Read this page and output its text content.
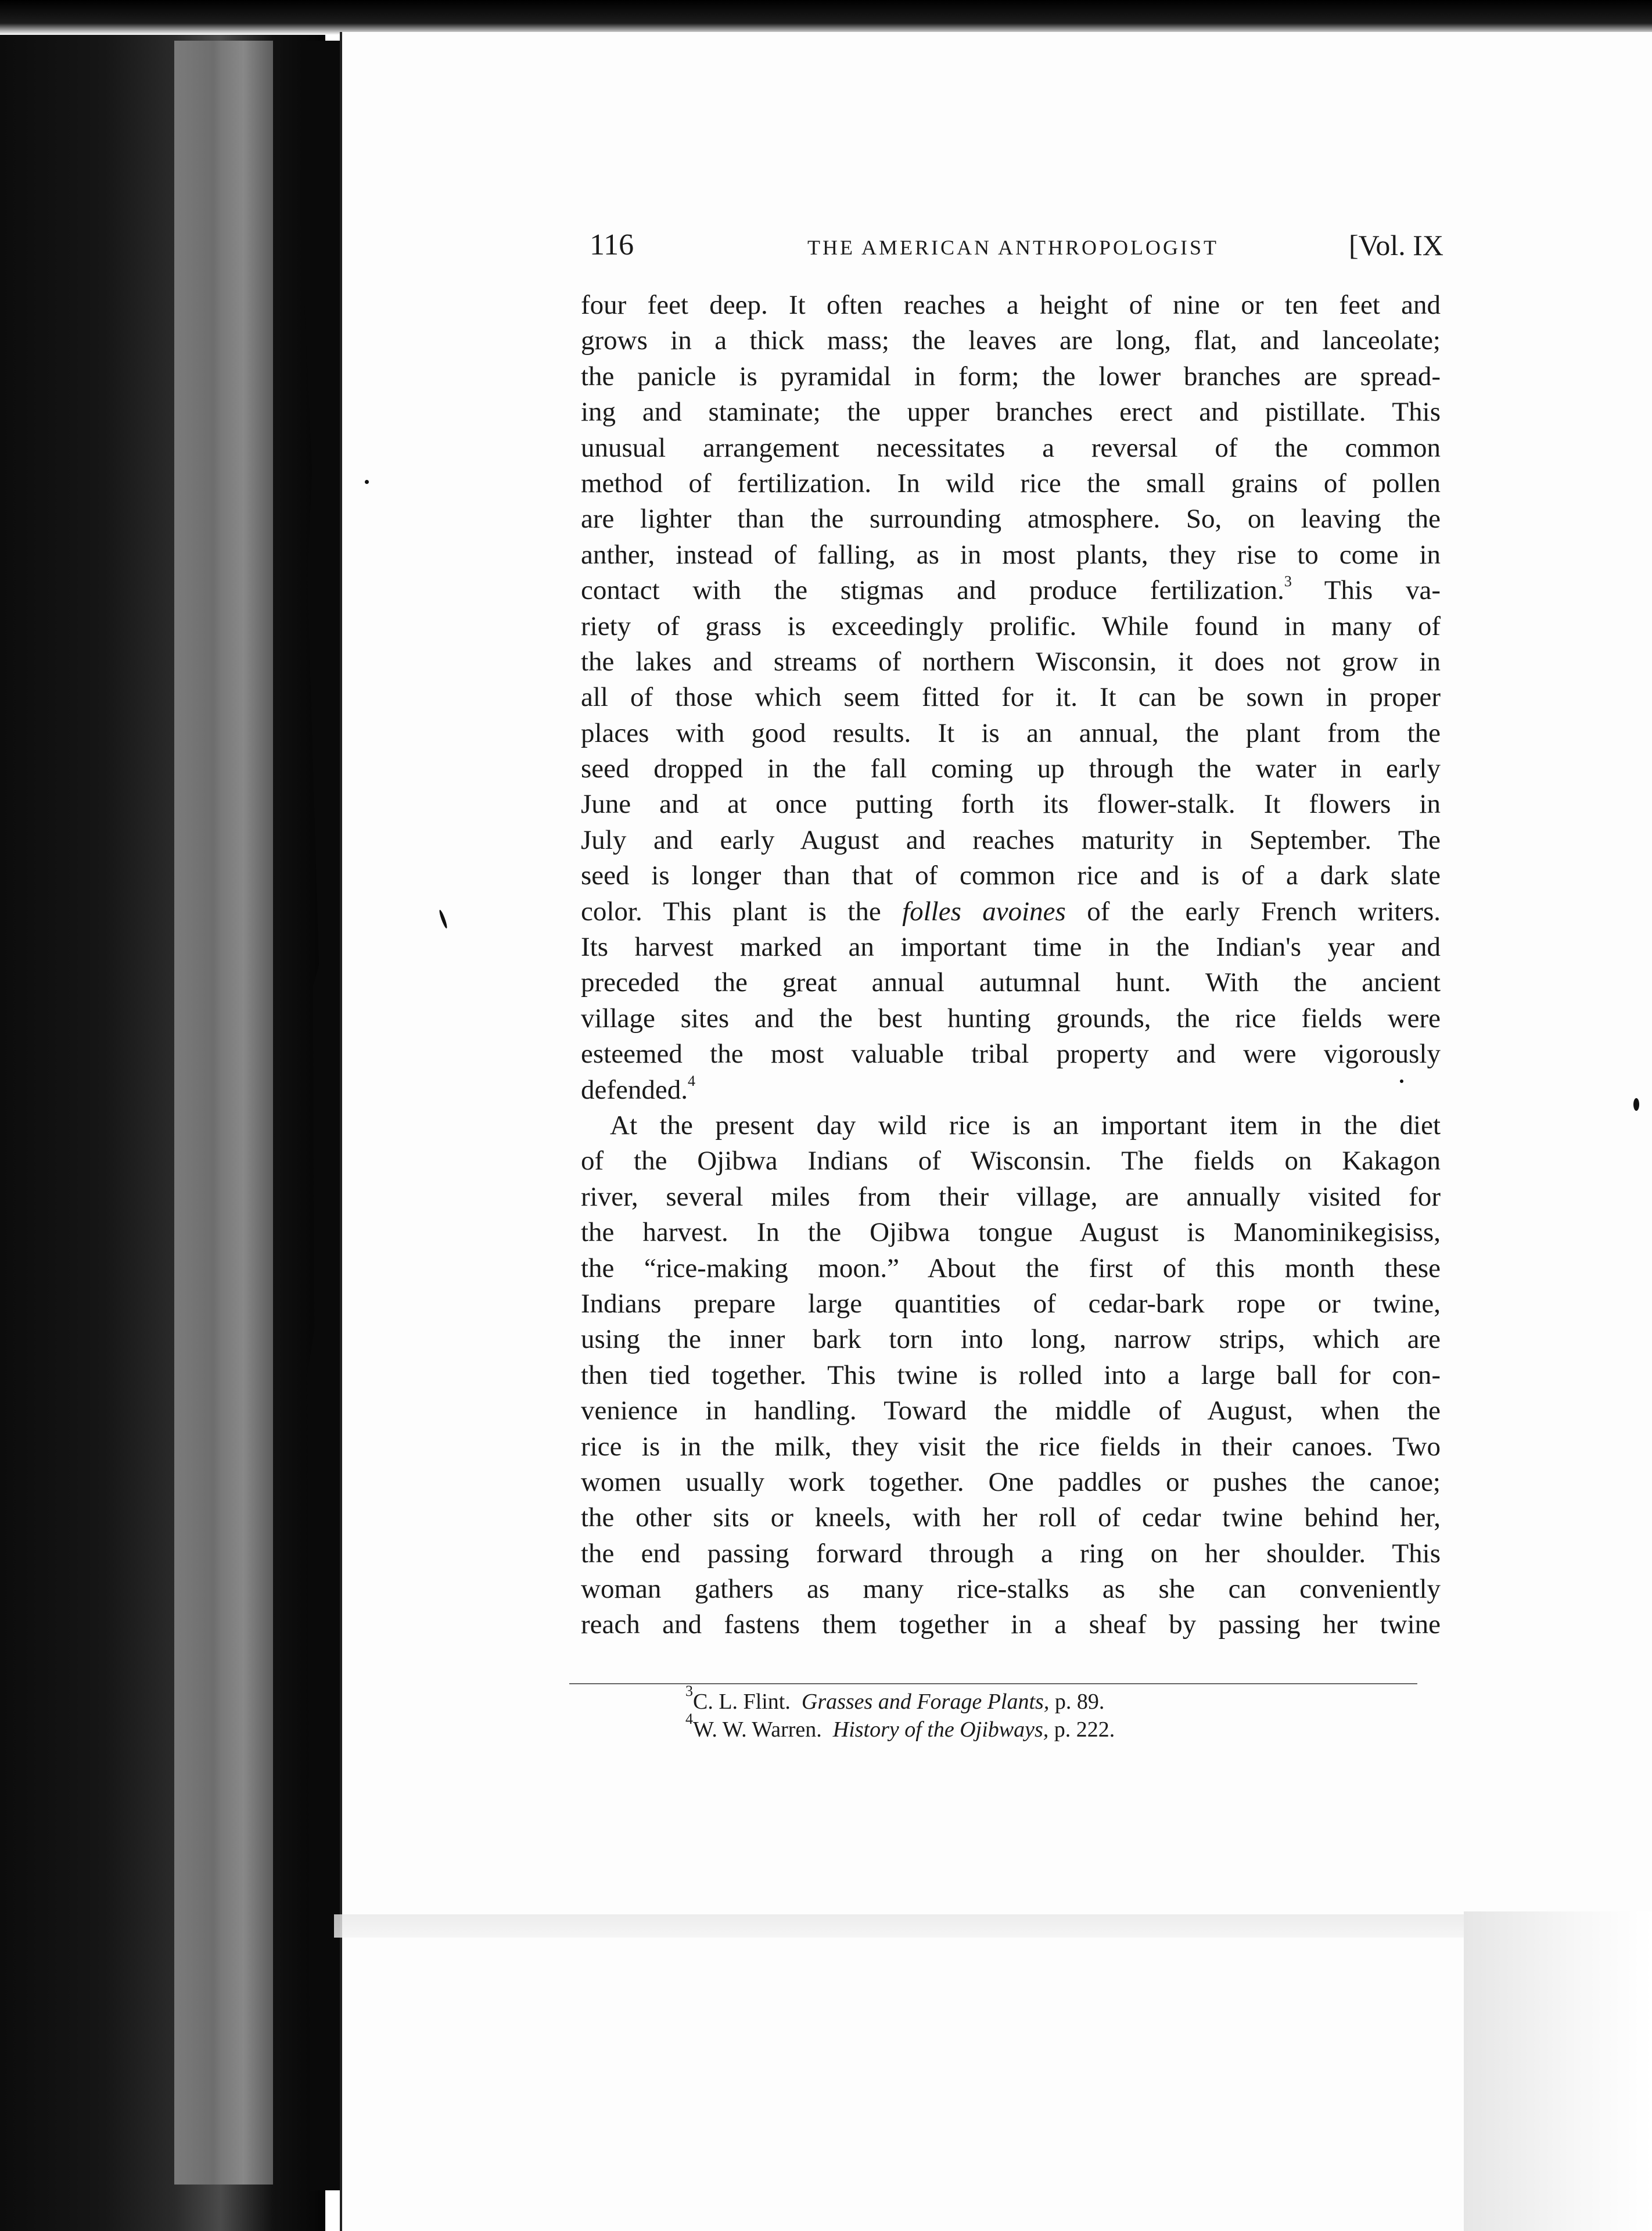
116	THE AMERICAN ANTHROPOLOGIST	[Vol. IX
four feet deep. It often reaches a height of nine or ten feet and
grows in a thick mass; the leaves are long, flat, and lanceolate;
the panicle is pyramidal in form; the lower branches are spread-
ing and staminate; the upper branches erect and pistillate. This
unusual arrangement necessitates a reversal of the common
method of fertilization. In wild rice the small grains of pollen
are lighter than the surrounding atmosphere. So, on leaving the
anther, instead of falling, as in most plants, they rise to come in
contact with the stigmas and produce fertilization.$^3$ This va-
riety of grass is exceedingly prolific. While found in many of
the lakes and streams of northern Wisconsin, it does not grow in
all of those which seem fitted for it. It can be sown in proper
places with good results. It is an annual, the plant from the
seed dropped in the fall coming up through the water in early
June and at once putting forth its flower-stalk. It flowers in
July and early August and reaches maturity in September. The
seed is longer than that of common rice and is of a dark slate
color. This plant is the folles avoines of the early French writers.
Its harvest marked an important time in the Indian's year and
preceded the great annual autumnal hunt. With the ancient
village sites and the best hunting grounds, the rice fields were
esteemed the most valuable tribal property and were vigorously
defended.$^4$
At the present day wild rice is an important item in the diet
of the Ojibwa Indians of Wisconsin. The fields on Kakagon
river, several miles from their village, are annually visited for
the harvest. In the Ojibwa tongue August is Manominikegisiss,
the “rice-making moon.” About the first of this month these
Indians prepare large quantities of cedar-bark rope or twine,
using the inner bark torn into long, narrow strips, which are
then tied together. This twine is rolled into a large ball for con-
venience in handling. Toward the middle of August, when the
rice is in the milk, they visit the rice fields in their canoes. Two
women usually work together. One paddles or pushes the canoe;
the other sits or kneels, with her roll of cedar twine behind her,
the end passing forward through a ring on her shoulder. This
woman gathers as many rice-stalks as she can conveniently
reach and fastens them together in a sheaf by passing her twine
$^3$C. L. Flint. Grasses and Forage Plants, p. 89.
$^4$W. W. Warren. History of the Ojibways, p. 222.
